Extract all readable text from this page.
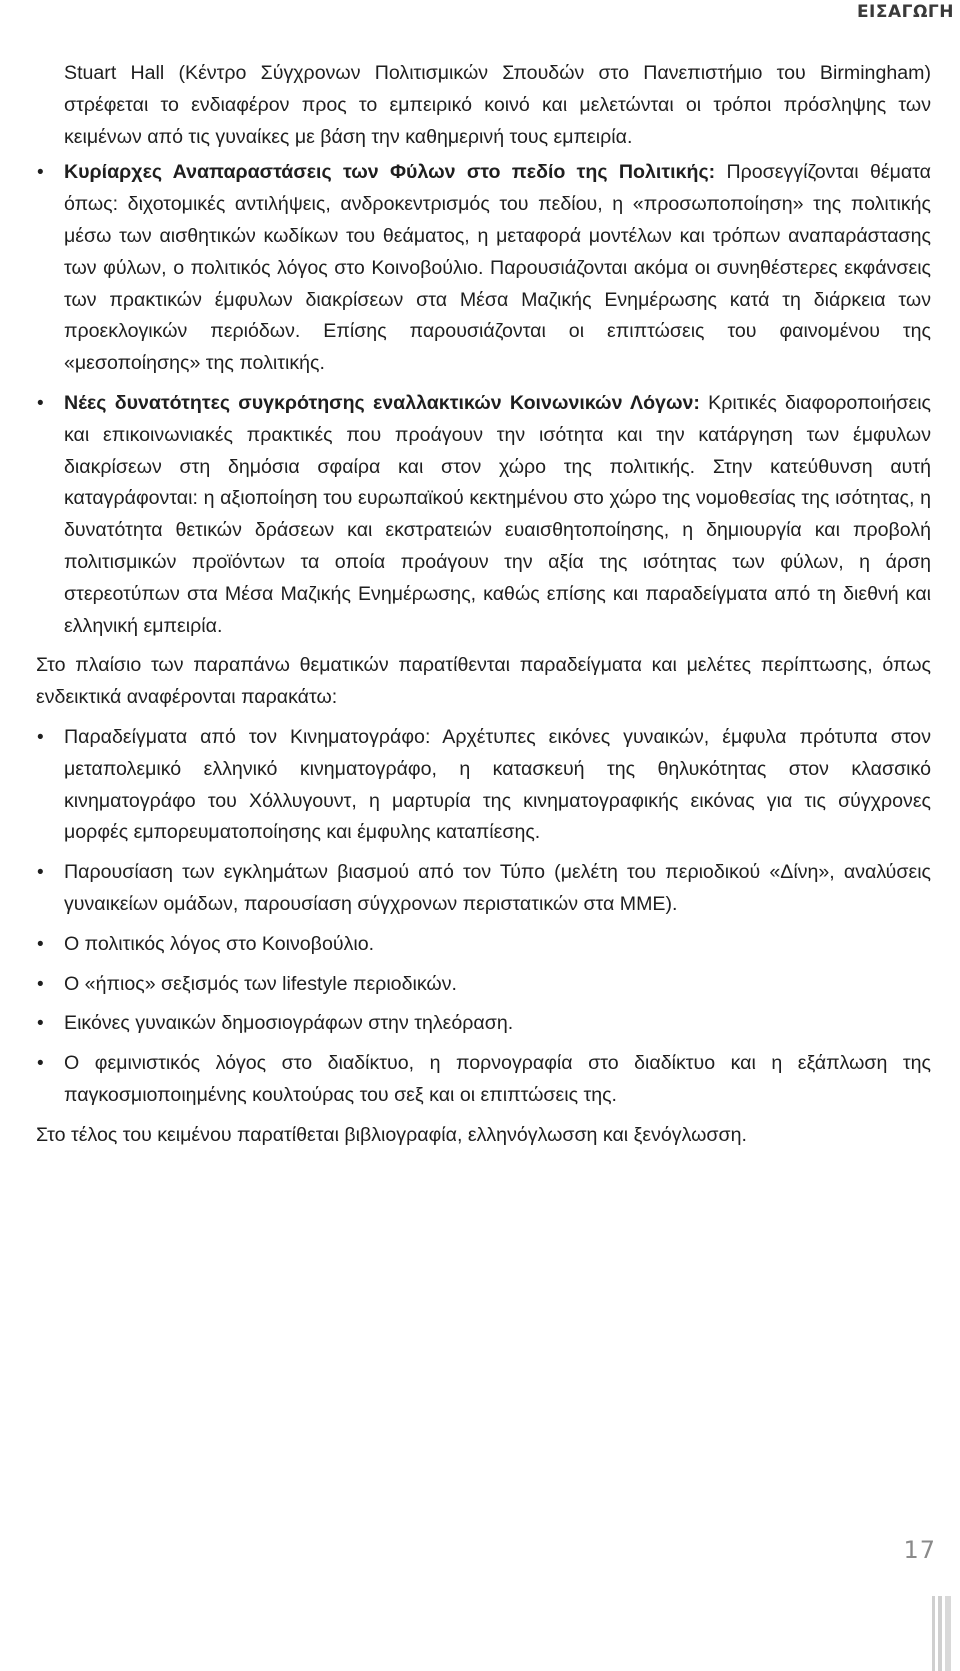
ΕΙΣΑΓΩΓΗ

Stuart Hall (Κέντρο Σύγχρονων Πολιτισμικών Σπουδών στο Πανεπιστήμιο του Birmingham) στρέφεται το ενδιαφέρον προς το εμπειρικό κοινό και μελετώνται οι τρόποι πρόσληψης των κειμένων από τις γυναίκες με βάση την καθημερινή τους εμπειρία.

• Κυρίαρχες Αναπαραστάσεις των Φύλων στο πεδίο της Πολιτικής: Προσεγγίζονται θέματα όπως: διχοτομικές αντιλήψεις, ανδροκεντρισμός του πεδίου, η «προσωποποίηση» της πολιτικής μέσω των αισθητικών κωδίκων του θεάματος, η μεταφορά μοντέλων και τρόπων αναπαράστασης των φύλων, ο πολιτικός λόγος στο Κοινοβούλιο. Παρουσιάζονται ακόμα οι συνηθέστερες εκφάνσεις των πρακτικών έμφυλων διακρίσεων στα Μέσα Μαζικής Ενημέρωσης κατά τη διάρκεια των προεκλογικών περιόδων. Επίσης παρουσιάζονται οι επιπτώσεις του φαινομένου της «μεσοποίησης» της πολιτικής.
• Νέες δυνατότητες συγκρότησης εναλλακτικών Κοινωνικών Λόγων: Κριτικές διαφοροποιήσεις και επικοινωνιακές πρακτικές που προάγουν την ισότητα και την κατάργηση των έμφυλων διακρίσεων στη δημόσια σφαίρα και στον χώρο της πολιτικής. Στην κατεύθυνση αυτή καταγράφονται: η αξιοποίηση του ευρωπαϊκού κεκτημένου στο χώρο της νομοθεσίας της ισότητας, η δυνατότητα θετικών δράσεων και εκστρατειών ευαισθητοποίησης, η δημιουργία και προβολή πολιτισμικών προϊόντων τα οποία προάγουν την αξία της ισότητας των φύλων, η άρση στερεοτύπων στα Μέσα Μαζικής Ενημέρωσης, καθώς επίσης και παραδείγματα από τη διεθνή και ελληνική εμπειρία.

Στο πλαίσιο των παραπάνω θεματικών παρατίθενται παραδείγματα και μελέτες περίπτωσης, όπως ενδεικτικά αναφέρονται παρακάτω:

• Παραδείγματα από τον Κινηματογράφο: Αρχέτυπες εικόνες γυναικών, έμφυλα πρότυπα στον μεταπολεμικό ελληνικό κινηματογράφο, η κατασκευή της θηλυκότητας στον κλασσικό κινηματογράφο του Χόλλυγουντ, η μαρτυρία της κινηματογραφικής εικόνας για τις σύγχρονες μορφές εμπορευματοποίησης και έμφυλης καταπίεσης.
• Παρουσίαση των εγκλημάτων βιασμού από τον Τύπο (μελέτη του περιοδικού «Δίνη», αναλύσεις γυναικείων ομάδων, παρουσίαση σύγχρονων περιστατικών στα ΜΜΕ).
• Ο πολιτικός λόγος στο Κοινοβούλιο.
• Ο «ήπιος» σεξισμός των lifestyle περιοδικών.
• Εικόνες γυναικών δημοσιογράφων στην τηλεόραση.
• Ο φεμινιστικός λόγος στο διαδίκτυο, η πορνογραφία στο διαδίκτυο και η εξάπλωση της παγκοσμιοποιημένης κουλτούρας του σεξ και οι επιπτώσεις της.

Στο τέλος του κειμένου παρατίθεται βιβλιογραφία, ελληνόγλωσση και ξενόγλωσση.

17
